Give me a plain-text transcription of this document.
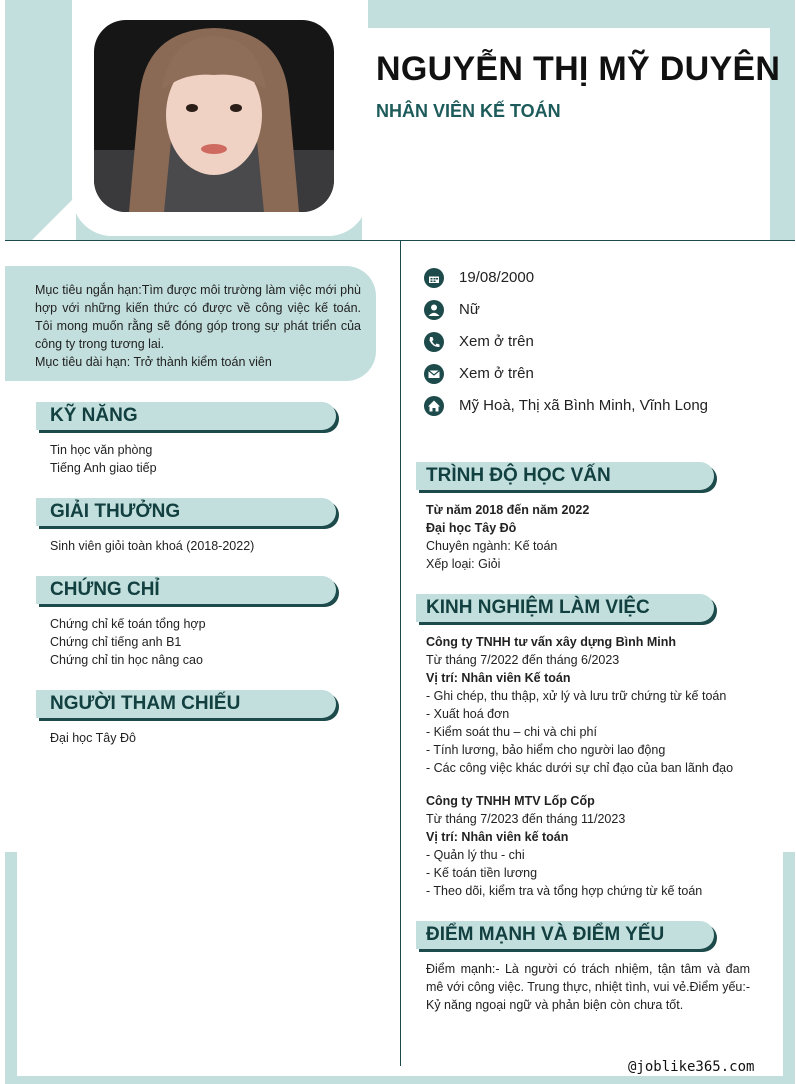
NGUYỄN THỊ MỸ DUYÊN
NHÂN VIÊN KẾ TOÁN
Mục tiêu ngắn hạn:Tìm được môi trường làm việc mới phù hợp với những kiến thức có được về công việc kế toán. Tôi mong muốn rằng sẽ đóng góp trong sự phát triển của công ty trong tương lai.
Mục tiêu dài hạn: Trở thành kiểm toán viên
19/08/2000
Nữ
Xem ở trên
Xem ở trên
Mỹ Hoà, Thị xã Bình Minh, Vĩnh Long
KỸ NĂNG
Tin học văn phòng
Tiếng Anh giao tiếp
GIẢI THƯỞNG
Sinh viên giỏi toàn khoá (2018-2022)
CHỨNG CHỈ
Chứng chỉ kế toán tổng hợp
Chứng chỉ tiếng anh B1
Chứng chỉ tin học nâng cao
NGƯỜI THAM CHIẾU
Đại học Tây Đô
TRÌNH ĐỘ HỌC VẤN
Từ năm 2018 đến năm 2022
Đại học Tây Đô
Chuyên ngành: Kế toán
Xếp loại: Giỏi
KINH NGHIỆM LÀM VIỆC
Công ty TNHH tư vấn xây dựng Bình Minh
Từ tháng 7/2022 đến tháng 6/2023
Vị trí: Nhân viên Kế toán
- Ghi chép, thu thập, xử lý và lưu trữ chứng từ kế toán
- Xuất hoá đơn
- Kiểm soát thu – chi và chi phí
- Tính lương, bảo hiểm cho người lao động
- Các công việc khác dưới sự chỉ đạo của ban lãnh đạo
Công ty TNHH MTV Lốp Cốp
Từ tháng 7/2023 đến tháng 11/2023
Vị trí: Nhân viên kế toán
- Quản lý thu - chi
- Kế toán tiền lương
- Theo dõi, kiểm tra và tổng hợp chứng từ kế toán
ĐIỂM MẠNH VÀ ĐIỂM YẾU
Điểm mạnh:- Là người có trách nhiệm, tận tâm và đam mê với công việc. Trung thực, nhiệt tình, vui vẻ.Điểm yếu:- Kỷ năng ngoại ngữ và phản biện còn chưa tốt.
@joblike365.com
